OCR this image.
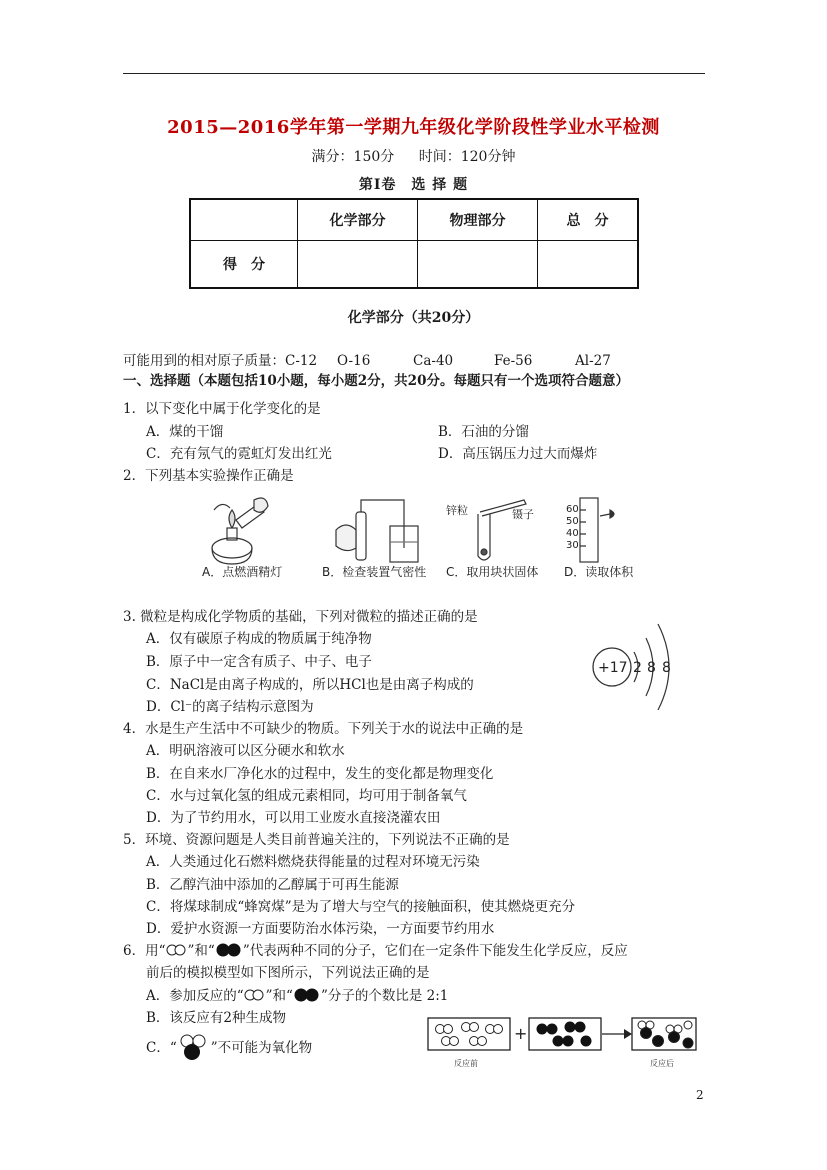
2015—2016学年第一学期九年级化学阶段性学业水平检测
满分：150分 时间：120分钟
第Ⅰ卷　选 择 题
	化学部分	物理部分	总　分
得　分			
化学部分（共20分）
可能用到的相对原子质量：C-12 O-16	Ca-40	Fe-56	Al-27
一、选择题（本题包括10小题，每小题2分，共20分。每题只有一个选项符合题意）
1．以下变化中属于化学变化的是
A．煤的干馏	B．石油的分馏
C．充有氖气的霓虹灯发出红光	D．高压锅压力过大而爆炸
2．下列基本实验操作正确是
锌粒	镊子	60
50
40
30
A．点燃酒精灯	B．检查装置气密性 C．取用块状固体 D．读取体积
3. 微粒是构成化学物质的基础，下列对微粒的描述正确的是
A．仅有碳原子构成的物质属于纯净物
B．原子中一定含有质子、中子、电子
C．NaCl是由离子构成的，所以HCl也是由离子构成的
D．Cl⁻的离子结构示意图为
+17 2 8 8
4．水是生产生活中不可缺少的物质。下列关于水的说法中正确的是
A．明矾溶液可以区分硬水和软水
B．在自来水厂净化水的过程中，发生的变化都是物理变化
C．水与过氧化氢的组成元素相同，均可用于制备氧气
D．为了节约用水，可以用工业废水直接浇灌农田
5．环境、资源问题是人类目前普遍关注的，下列说法不正确的是
A．人类通过化石燃料燃烧获得能量的过程对环境无污染
B．乙醇汽油中添加的乙醇属于可再生能源
C．将煤球制成“蜂窝煤”是为了增大与空气的接触面积，使其燃烧更充分
D．爱护水资源一方面要防治水体污染，一方面要节约用水
6．用“ ”和“ ”代表两种不同的分子，它们在一定条件下能发生化学反应，反应
前后的模拟模型如下图所示，下列说法正确的是
A．参加反应的“ ”和“ ”分子的个数比是 2:1
B．该反应有2种生成物
C．“	”不可能为氧化物
+
反应前	反应后
2
